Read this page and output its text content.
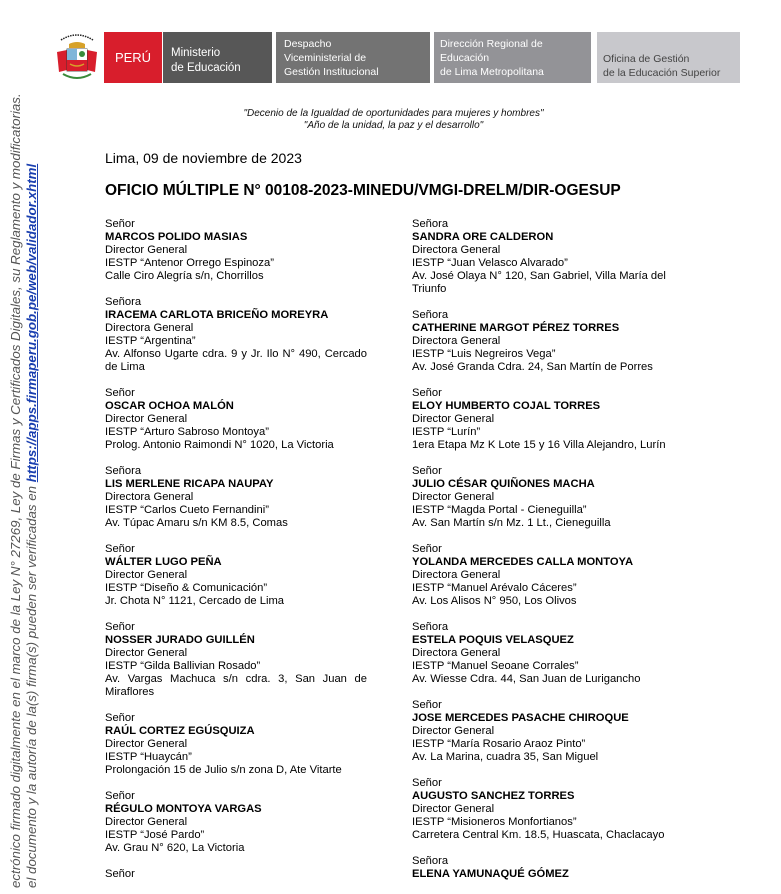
PERÚ Ministerio
de Educación
Despacho
Viceministerial de
Gestión Institucional
Dirección Regional de
Educación
de Lima Metropolitana
Oficina de Gestión
de la Educación Superior
"Decenio de la Igualdad de oportunidades para mujeres y hombres"
"Año de la unidad, la paz y el desarrollo"
Lima, 09 de noviembre de 2023
OFICIO MÚLTIPLE N° 00108-2023-MINEDU/VMGI-DRELM/DIR-OGESUP
Señor
MARCOS POLIDO MASIAS
Director General
IESTP “Antenor Orrego Espinoza”
Calle Ciro Alegría s/n, Chorrillos
Señora
IRACEMA CARLOTA BRICEÑO MOREYRA
Directora General
IESTP “Argentina”
Av. Alfonso Ugarte cdra. 9 y Jr. Ilo N° 490, Cercado de Lima
Señor
OSCAR OCHOA MALÓN
Director General
IESTP “Arturo Sabroso Montoya”
Prolog. Antonio Raimondi N° 1020, La Victoria
Señora
LIS MERLENE RICAPA NAUPAY
Directora General
IESTP “Carlos Cueto Fernandini”
Av. Túpac Amaru s/n KM 8.5, Comas
Señor
WÁLTER LUGO PEÑA
Director General
IESTP “Diseño & Comunicación”
Jr. Chota N° 1121, Cercado de Lima
Señor
NOSSER JURADO GUILLÉN
Director General
IESTP “Gilda Ballivian Rosado”
Av. Vargas Machuca s/n cdra. 3, San Juan de Miraflores
Señor
RAÚL CORTEZ EGÚSQUIZA
Director General
IESTP “Huaycán”
Prolongación 15 de Julio s/n zona D, Ate Vitarte
Señor
RÉGULO MONTOYA VARGAS
Director General
IESTP “José Pardo”
Av. Grau N° 620, La Victoria
Señor
Señora
SANDRA ORE CALDERON
Directora General
IESTP “Juan Velasco Alvarado”
Av. José Olaya N° 120, San Gabriel, Villa María del Triunfo
Señora
CATHERINE MARGOT PÉREZ TORRES
Directora General
IESTP “Luis Negreiros Vega”
Av. José Granda Cdra. 24, San Martín de Porres
Señor
ELOY HUMBERTO COJAL TORRES
Director General
IESTP “Lurín”
1era Etapa Mz K Lote 15 y 16 Villa Alejandro, Lurín
Señor
JULIO CÉSAR QUIÑONES MACHA
Director General
IESTP “Magda Portal - Cieneguilla”
Av. San Martín s/n Mz. 1 Lt., Cieneguilla
Señor
YOLANDA MERCEDES CALLA MONTOYA
Directora General
IESTP “Manuel Arévalo Cáceres”
Av. Los Alisos N° 950, Los Olivos
Señora
ESTELA POQUIS VELASQUEZ
Directora General
IESTP “Manuel Seoane Corrales”
Av. Wiesse Cdra. 44, San Juan de Lurigancho
Señor
JOSE MERCEDES PASACHE CHIROQUE
Director General
IESTP “María Rosario Araoz Pinto”
Av. La Marina, cuadra 35, San Miguel
Señor
AUGUSTO SANCHEZ TORRES
Director General
IESTP “Misioneros Monfortianos”
Carretera Central Km. 18.5, Huascata, Chaclacayo
Señora
ELENA YAMUNAQUÉ GÓMEZ
ectrónico firmado digitalmente en el marco de la Ley N° 27269, Ley de Firmas y Certificados Digitales, su Reglamento y modificatorias. el documento y la autoría de la(s) firma(s) pueden ser verificadas en https://apps.firmaperu.gob.pe/web/validador.xhtml
